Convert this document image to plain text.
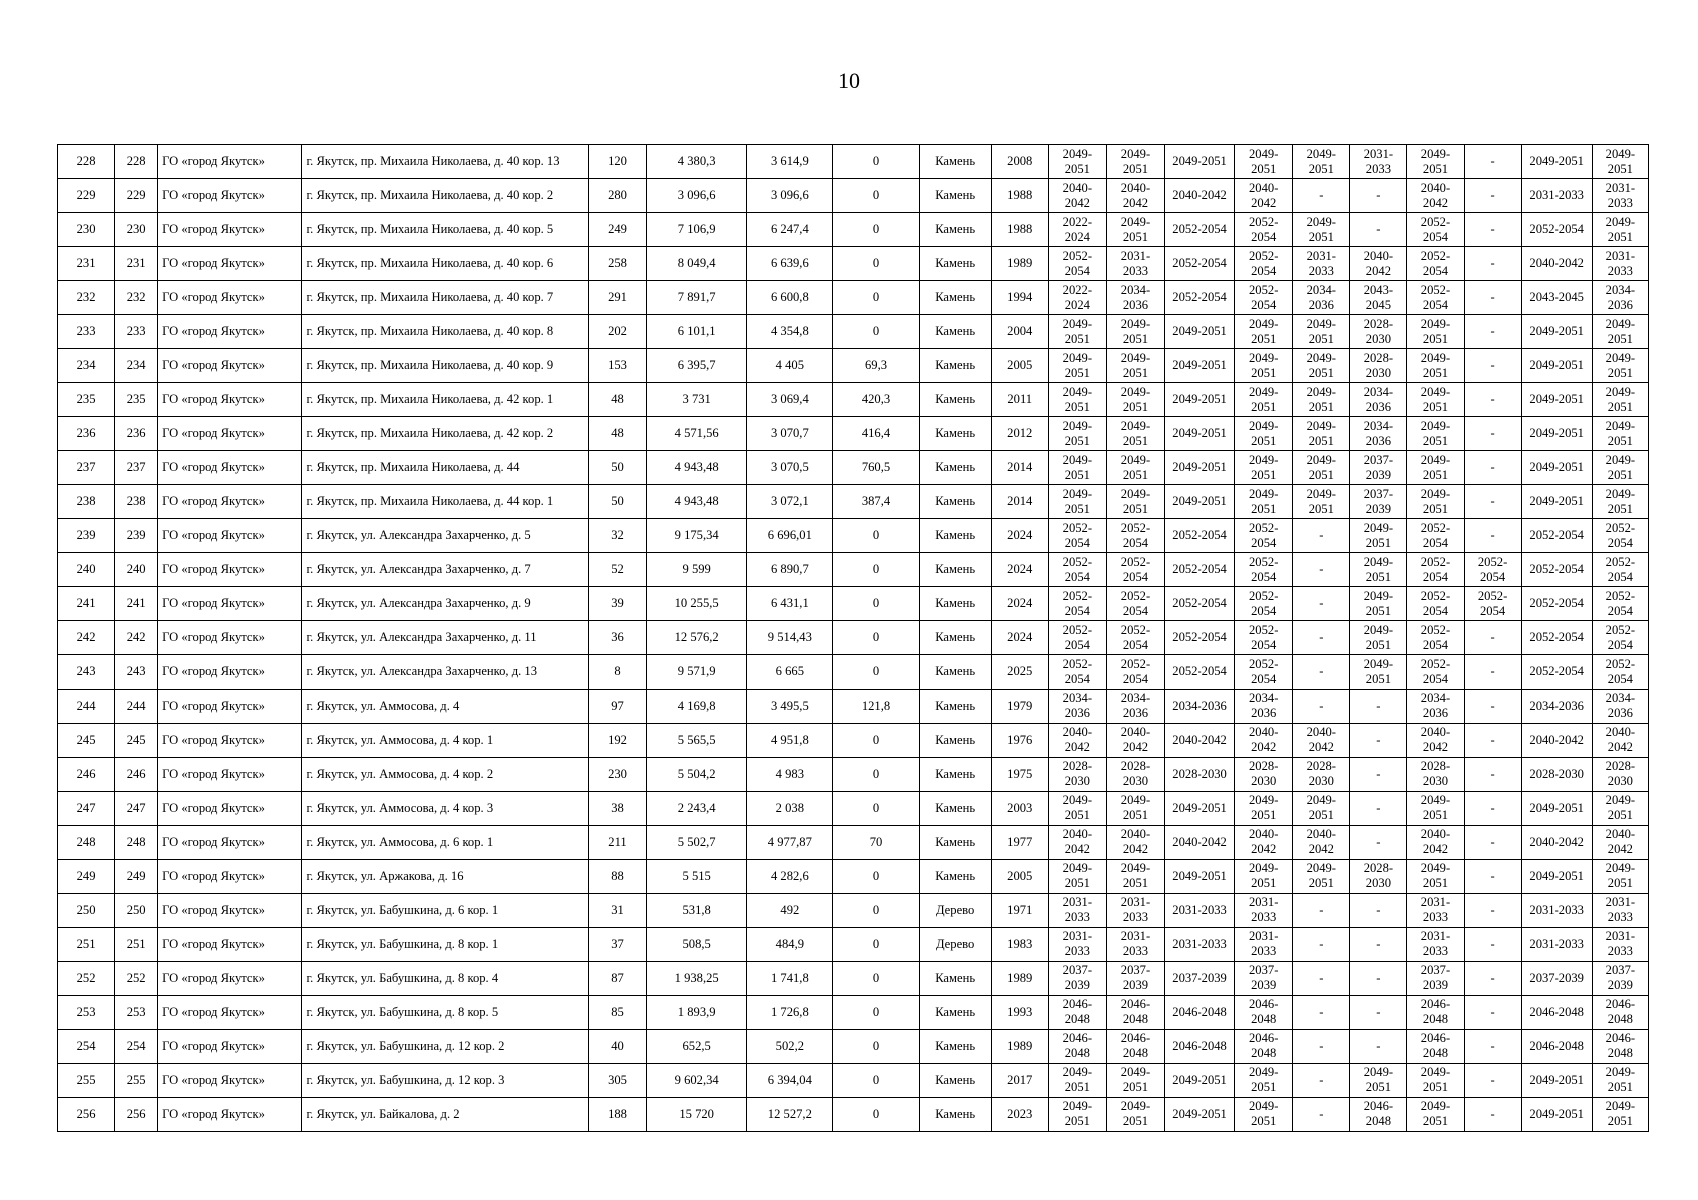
10
228	228	ГО «город Якутск»	г. Якутск, пр. Михаила Николаева, д. 40 кор. 13	120	4 380,3	3 614,9	0	Камень	2008	2049-2051	2049-2051	2049-2051	2049-2051	2049-2051	2031-2033	2049-2051	-	2049-2051	2049-2051
229	229	ГО «город Якутск»	г. Якутск, пр. Михаила Николаева, д. 40 кор. 2	280	3 096,6	3 096,6	0	Камень	1988	2040-2042	2040-2042	2040-2042	2040-2042	-	-	2040-2042	-	2031-2033	2031-2033
230	230	ГО «город Якутск»	г. Якутск, пр. Михаила Николаева, д. 40 кор. 5	249	7 106,9	6 247,4	0	Камень	1988	2022-2024	2049-2051	2052-2054	2052-2054	2049-2051	-	2052-2054	-	2052-2054	2049-2051
231	231	ГО «город Якутск»	г. Якутск, пр. Михаила Николаева, д. 40 кор. 6	258	8 049,4	6 639,6	0	Камень	1989	2052-2054	2031-2033	2052-2054	2052-2054	2031-2033	2040-2042	2052-2054	-	2040-2042	2031-2033
232	232	ГО «город Якутск»	г. Якутск, пр. Михаила Николаева, д. 40 кор. 7	291	7 891,7	6 600,8	0	Камень	1994	2022-2024	2034-2036	2052-2054	2052-2054	2034-2036	2043-2045	2052-2054	-	2043-2045	2034-2036
233	233	ГО «город Якутск»	г. Якутск, пр. Михаила Николаева, д. 40 кор. 8	202	6 101,1	4 354,8	0	Камень	2004	2049-2051	2049-2051	2049-2051	2049-2051	2049-2051	2028-2030	2049-2051	-	2049-2051	2049-2051
234	234	ГО «город Якутск»	г. Якутск, пр. Михаила Николаева, д. 40 кор. 9	153	6 395,7	4 405	69,3	Камень	2005	2049-2051	2049-2051	2049-2051	2049-2051	2049-2051	2028-2030	2049-2051	-	2049-2051	2049-2051
235	235	ГО «город Якутск»	г. Якутск, пр. Михаила Николаева, д. 42 кор. 1	48	3 731	3 069,4	420,3	Камень	2011	2049-2051	2049-2051	2049-2051	2049-2051	2049-2051	2034-2036	2049-2051	-	2049-2051	2049-2051
236	236	ГО «город Якутск»	г. Якутск, пр. Михаила Николаева, д. 42 кор. 2	48	4 571,56	3 070,7	416,4	Камень	2012	2049-2051	2049-2051	2049-2051	2049-2051	2049-2051	2034-2036	2049-2051	-	2049-2051	2049-2051
237	237	ГО «город Якутск»	г. Якутск, пр. Михаила Николаева, д. 44	50	4 943,48	3 070,5	760,5	Камень	2014	2049-2051	2049-2051	2049-2051	2049-2051	2049-2051	2037-2039	2049-2051	-	2049-2051	2049-2051
238	238	ГО «город Якутск»	г. Якутск, пр. Михаила Николаева, д. 44 кор. 1	50	4 943,48	3 072,1	387,4	Камень	2014	2049-2051	2049-2051	2049-2051	2049-2051	2049-2051	2037-2039	2049-2051	-	2049-2051	2049-2051
239	239	ГО «город Якутск»	г. Якутск, ул. Александра Захарченко, д. 5	32	9 175,34	6 696,01	0	Камень	2024	2052-2054	2052-2054	2052-2054	2052-2054	-	2049-2051	2052-2054	-	2052-2054	2052-2054
240	240	ГО «город Якутск»	г. Якутск, ул. Александра Захарченко, д. 7	52	9 599	6 890,7	0	Камень	2024	2052-2054	2052-2054	2052-2054	2052-2054	-	2049-2051	2052-2054	2052-2054	2052-2054	2052-2054
241	241	ГО «город Якутск»	г. Якутск, ул. Александра Захарченко, д. 9	39	10 255,5	6 431,1	0	Камень	2024	2052-2054	2052-2054	2052-2054	2052-2054	-	2049-2051	2052-2054	2052-2054	2052-2054	2052-2054
242	242	ГО «город Якутск»	г. Якутск, ул. Александра Захарченко, д. 11	36	12 576,2	9 514,43	0	Камень	2024	2052-2054	2052-2054	2052-2054	2052-2054	-	2049-2051	2052-2054	-	2052-2054	2052-2054
243	243	ГО «город Якутск»	г. Якутск, ул. Александра Захарченко, д. 13	8	9 571,9	6 665	0	Камень	2025	2052-2054	2052-2054	2052-2054	2052-2054	-	2049-2051	2052-2054	-	2052-2054	2052-2054
244	244	ГО «город Якутск»	г. Якутск, ул. Аммосова, д. 4	97	4 169,8	3 495,5	121,8	Камень	1979	2034-2036	2034-2036	2034-2036	2034-2036	-	-	2034-2036	-	2034-2036	2034-2036
245	245	ГО «город Якутск»	г. Якутск, ул. Аммосова, д. 4 кор. 1	192	5 565,5	4 951,8	0	Камень	1976	2040-2042	2040-2042	2040-2042	2040-2042	2040-2042	-	2040-2042	-	2040-2042	2040-2042
246	246	ГО «город Якутск»	г. Якутск, ул. Аммосова, д. 4 кор. 2	230	5 504,2	4 983	0	Камень	1975	2028-2030	2028-2030	2028-2030	2028-2030	2028-2030	-	2028-2030	-	2028-2030	2028-2030
247	247	ГО «город Якутск»	г. Якутск, ул. Аммосова, д. 4 кор. 3	38	2 243,4	2 038	0	Камень	2003	2049-2051	2049-2051	2049-2051	2049-2051	2049-2051	-	2049-2051	-	2049-2051	2049-2051
248	248	ГО «город Якутск»	г. Якутск, ул. Аммосова, д. 6 кор. 1	211	5 502,7	4 977,87	70	Камень	1977	2040-2042	2040-2042	2040-2042	2040-2042	2040-2042	-	2040-2042	-	2040-2042	2040-2042
249	249	ГО «город Якутск»	г. Якутск, ул. Аржакова, д. 16	88	5 515	4 282,6	0	Камень	2005	2049-2051	2049-2051	2049-2051	2049-2051	2049-2051	2028-2030	2049-2051	-	2049-2051	2049-2051
250	250	ГО «город Якутск»	г. Якутск, ул. Бабушкина, д. 6 кор. 1	31	531,8	492	0	Дерево	1971	2031-2033	2031-2033	2031-2033	2031-2033	-	-	2031-2033	-	2031-2033	2031-2033
251	251	ГО «город Якутск»	г. Якутск, ул. Бабушкина, д. 8 кор. 1	37	508,5	484,9	0	Дерево	1983	2031-2033	2031-2033	2031-2033	2031-2033	-	-	2031-2033	-	2031-2033	2031-2033
252	252	ГО «город Якутск»	г. Якутск, ул. Бабушкина, д. 8 кор. 4	87	1 938,25	1 741,8	0	Камень	1989	2037-2039	2037-2039	2037-2039	2037-2039	-	-	2037-2039	-	2037-2039	2037-2039
253	253	ГО «город Якутск»	г. Якутск, ул. Бабушкина, д. 8 кор. 5	85	1 893,9	1 726,8	0	Камень	1993	2046-2048	2046-2048	2046-2048	2046-2048	-	-	2046-2048	-	2046-2048	2046-2048
254	254	ГО «город Якутск»	г. Якутск, ул. Бабушкина, д. 12 кор. 2	40	652,5	502,2	0	Камень	1989	2046-2048	2046-2048	2046-2048	2046-2048	-	-	2046-2048	-	2046-2048	2046-2048
255	255	ГО «город Якутск»	г. Якутск, ул. Бабушкина, д. 12 кор. 3	305	9 602,34	6 394,04	0	Камень	2017	2049-2051	2049-2051	2049-2051	2049-2051	-	2049-2051	2049-2051	-	2049-2051	2049-2051
256	256	ГО «город Якутск»	г. Якутск, ул. Байкалова, д. 2	188	15 720	12 527,2	0	Камень	2023	2049-2051	2049-2051	2049-2051	2049-2051	-	2046-2048	2049-2051	-	2049-2051	2049-2051
